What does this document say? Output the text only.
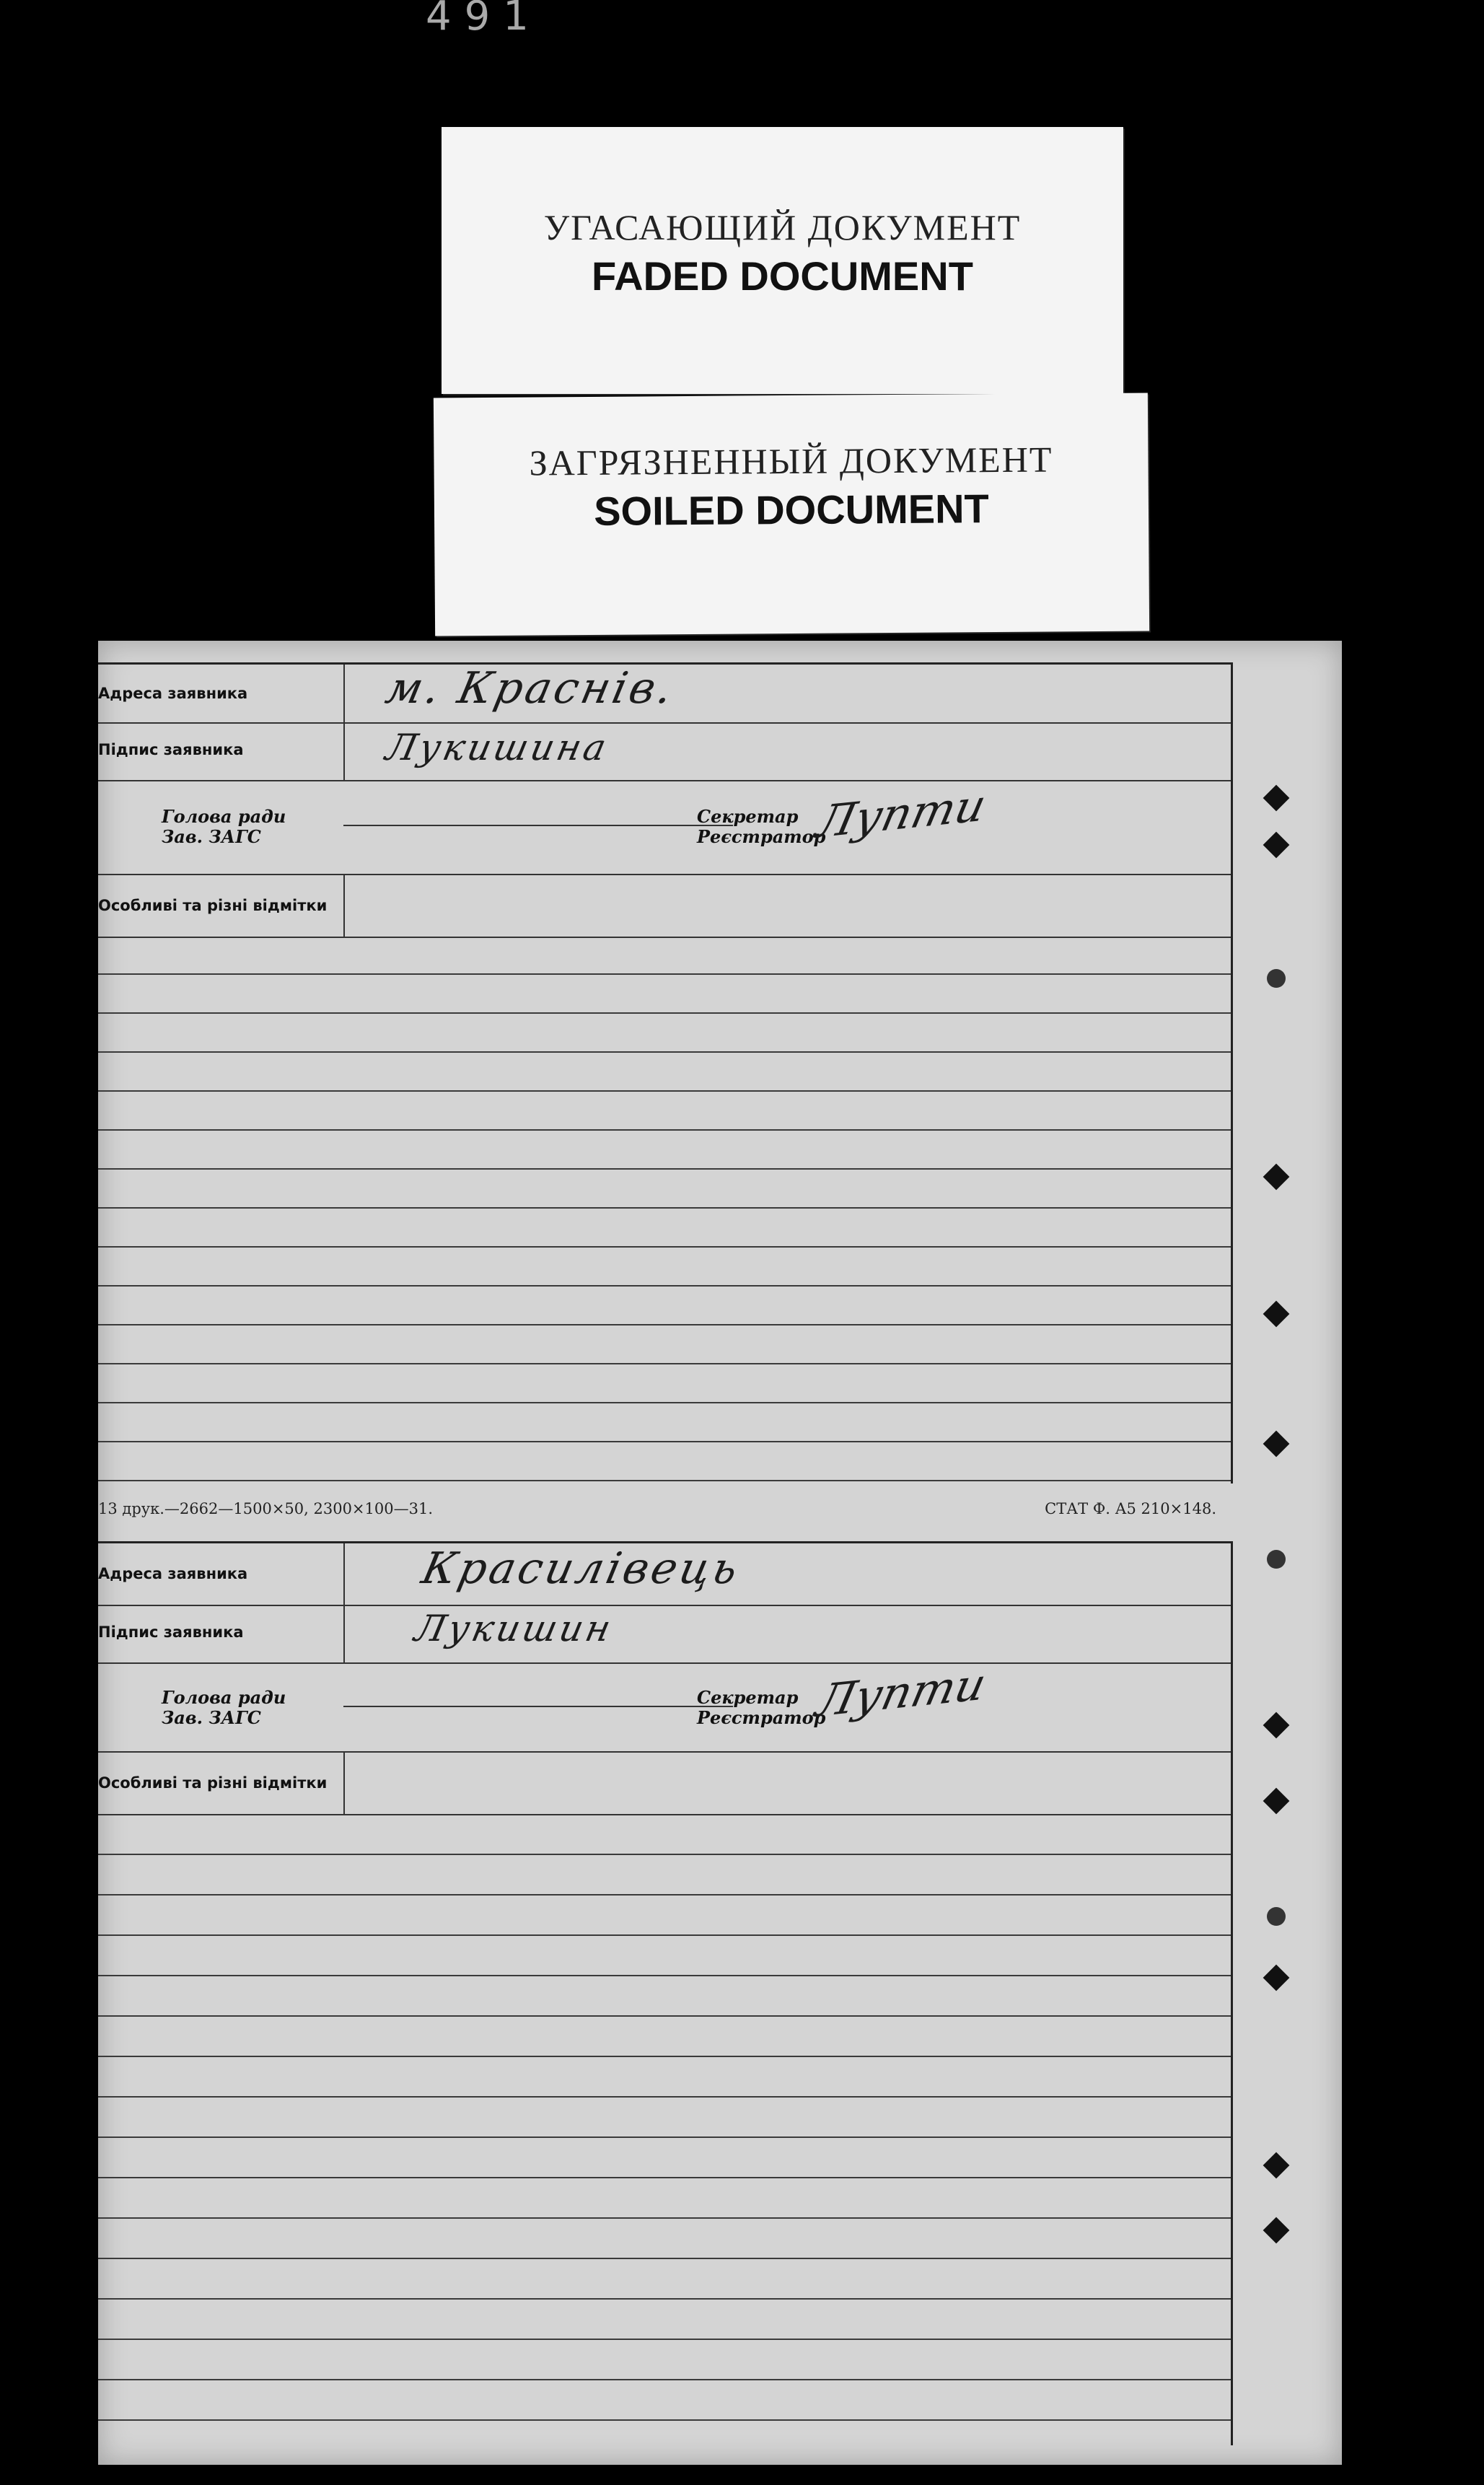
491
УГАСАЮЩИЙ ДОКУМЕНТ
FADED DOCUMENT
ЗАГРЯЗНЕННЫЙ ДОКУМЕНТ
SOILED DOCUMENT
Адреса заявника	м. Краснів.
Підпис заявника	Лукишина
Голова ради
Зав. ЗАГС
Секретар
Реєстратор
Лупти
Особливі та різні відмітки
13 друк.—2662—1500×50, 2300×100—31.	СТАТ Ф. А5 210×148.
Адреса заявника	Красилівець
Підпис заявника	Лукишин
Голова ради
Зав. ЗАГС
Секретар
Реєстратор
Лупти
Особливі та різні відмітки
